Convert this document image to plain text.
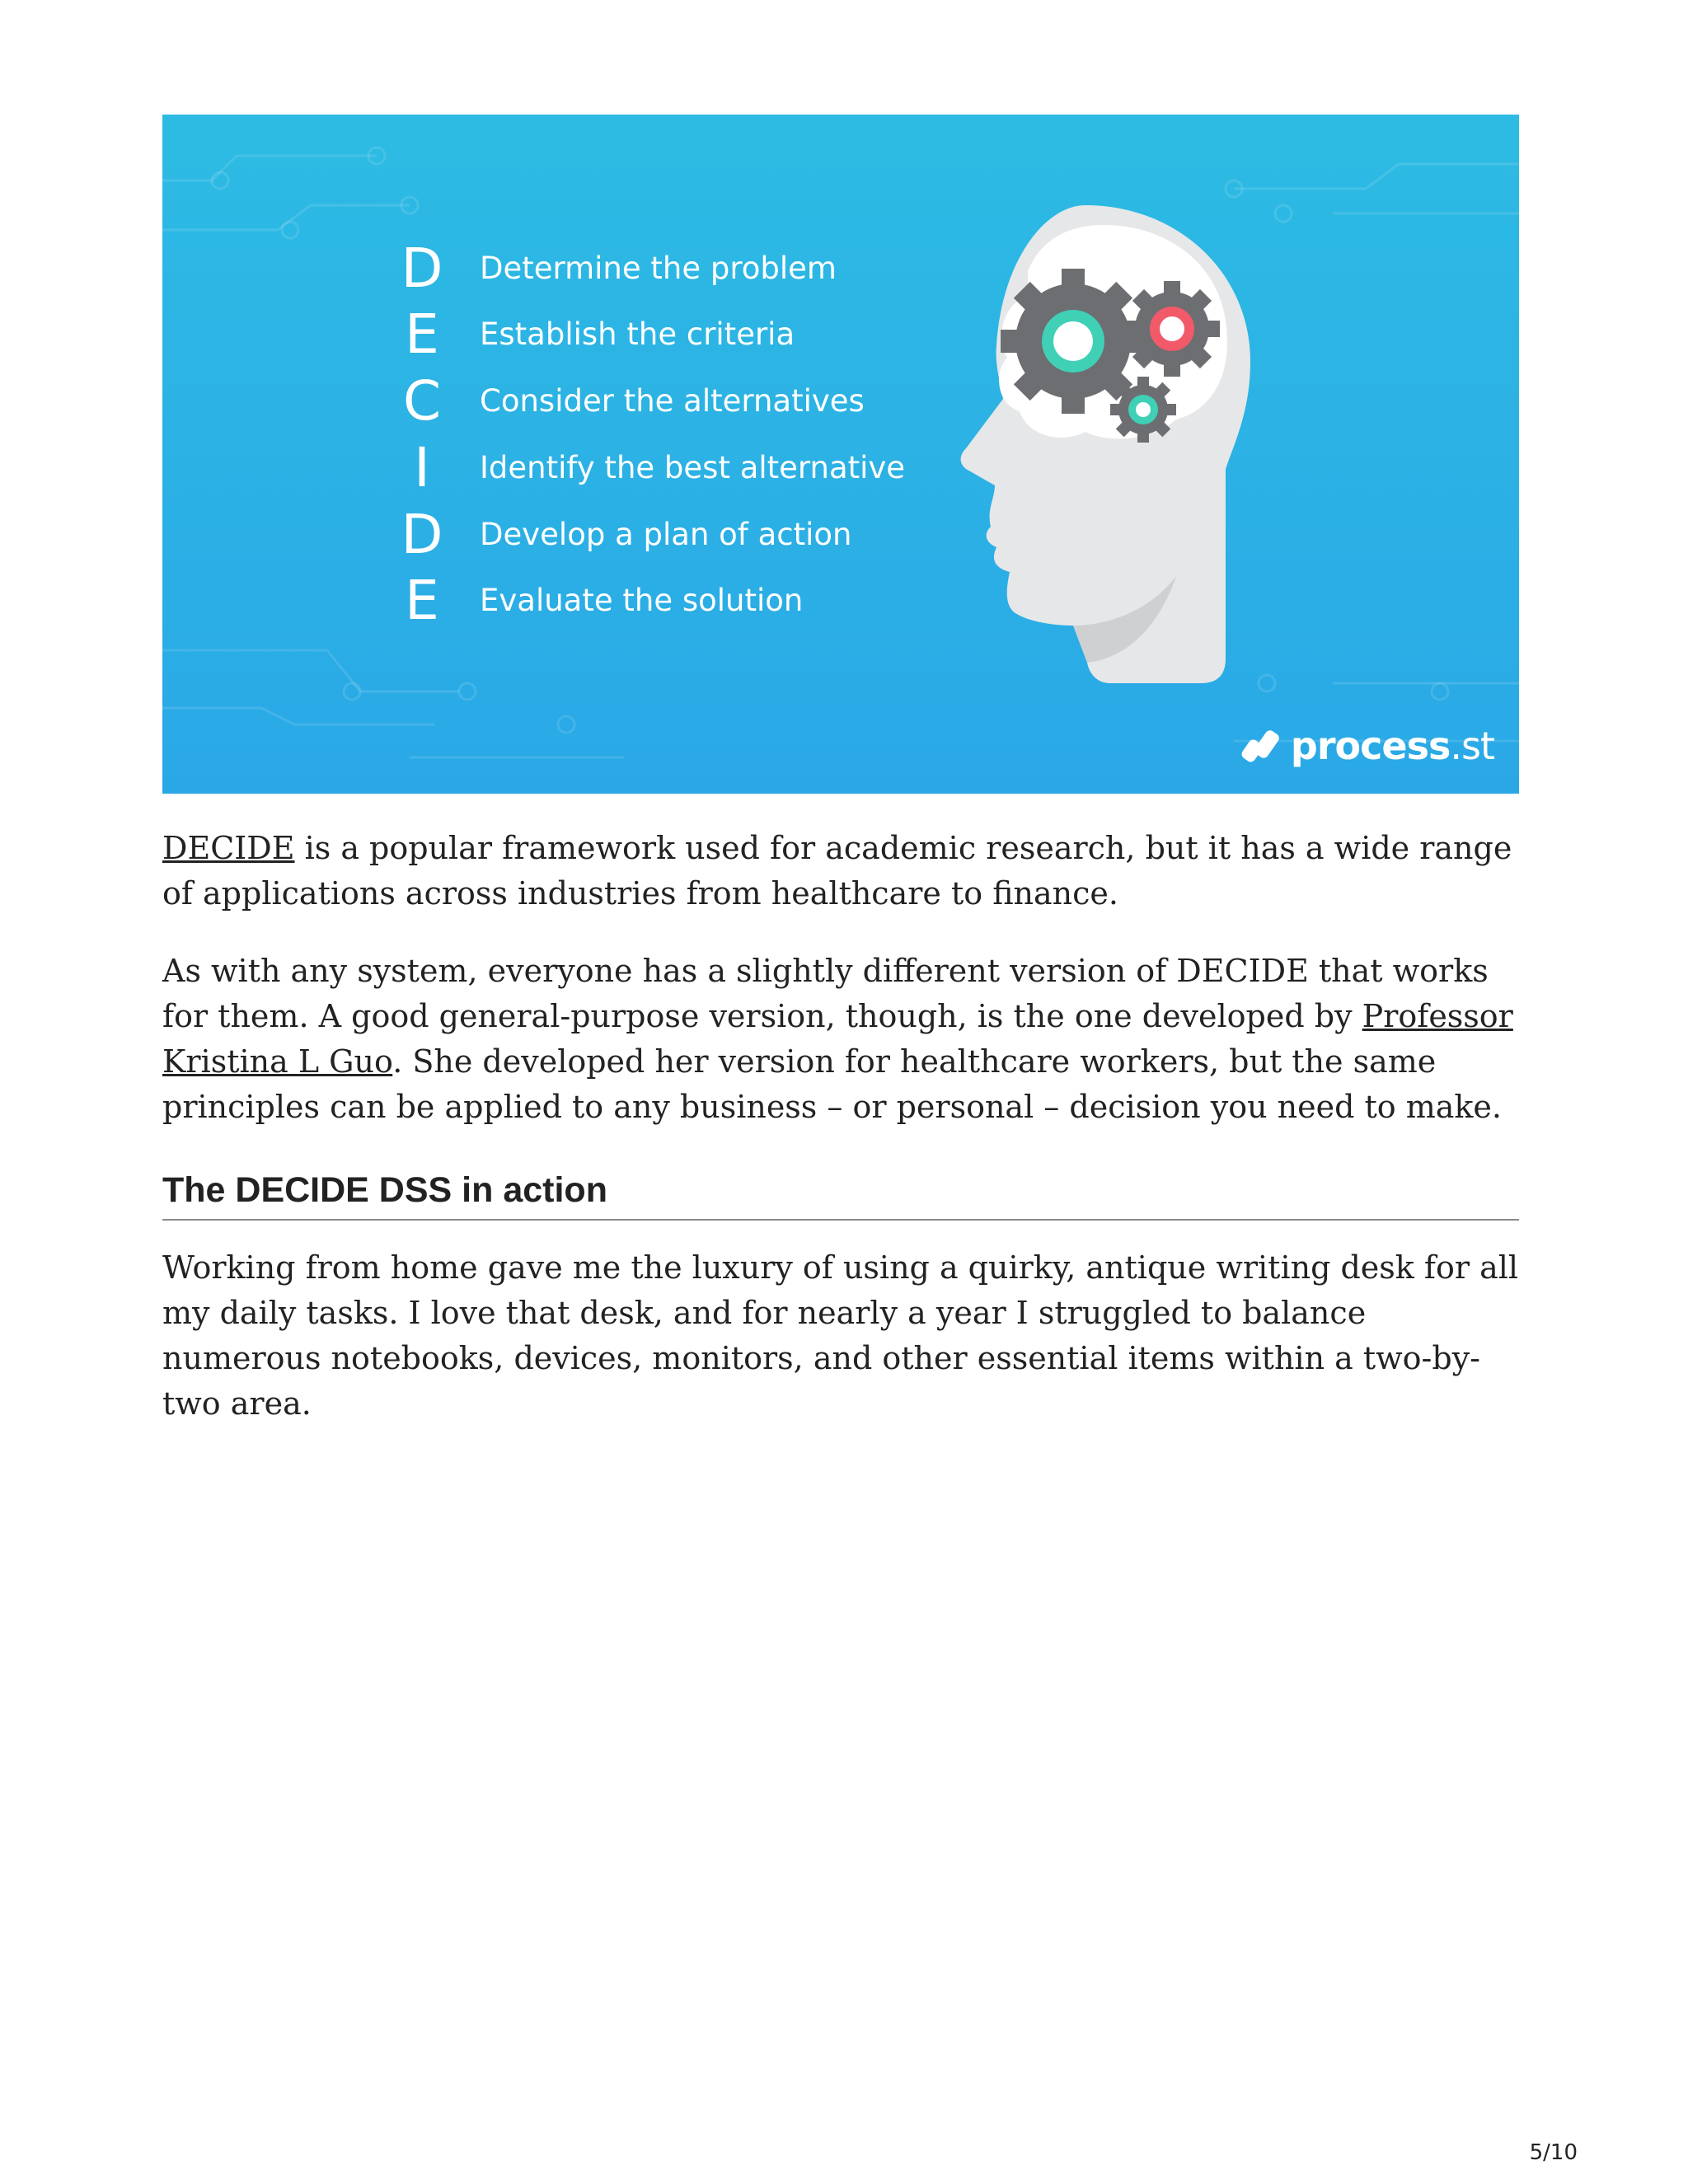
D Determine the problem
E Establish the criteria
C Consider the alternatives
I	Identify the best alternative
D Develop a plan of action
E Evaluate the solution
process.st

DECIDE is a popular framework used for academic research, but it has a wide range of applications across industries from healthcare to finance.

As with any system, everyone has a slightly different version of DECIDE that works for them. A good general-purpose version, though, is the one developed by Professor Kristina L Guo. She developed her version for healthcare workers, but the same principles can be applied to any business – or personal – decision you need to make.

The DECIDE DSS in action

Working from home gave me the luxury of using a quirky, antique writing desk for all my daily tasks. I love that desk, and for nearly a year I struggled to balance numerous notebooks, devices, monitors, and other essential items within a two-by-two area.

5/10
